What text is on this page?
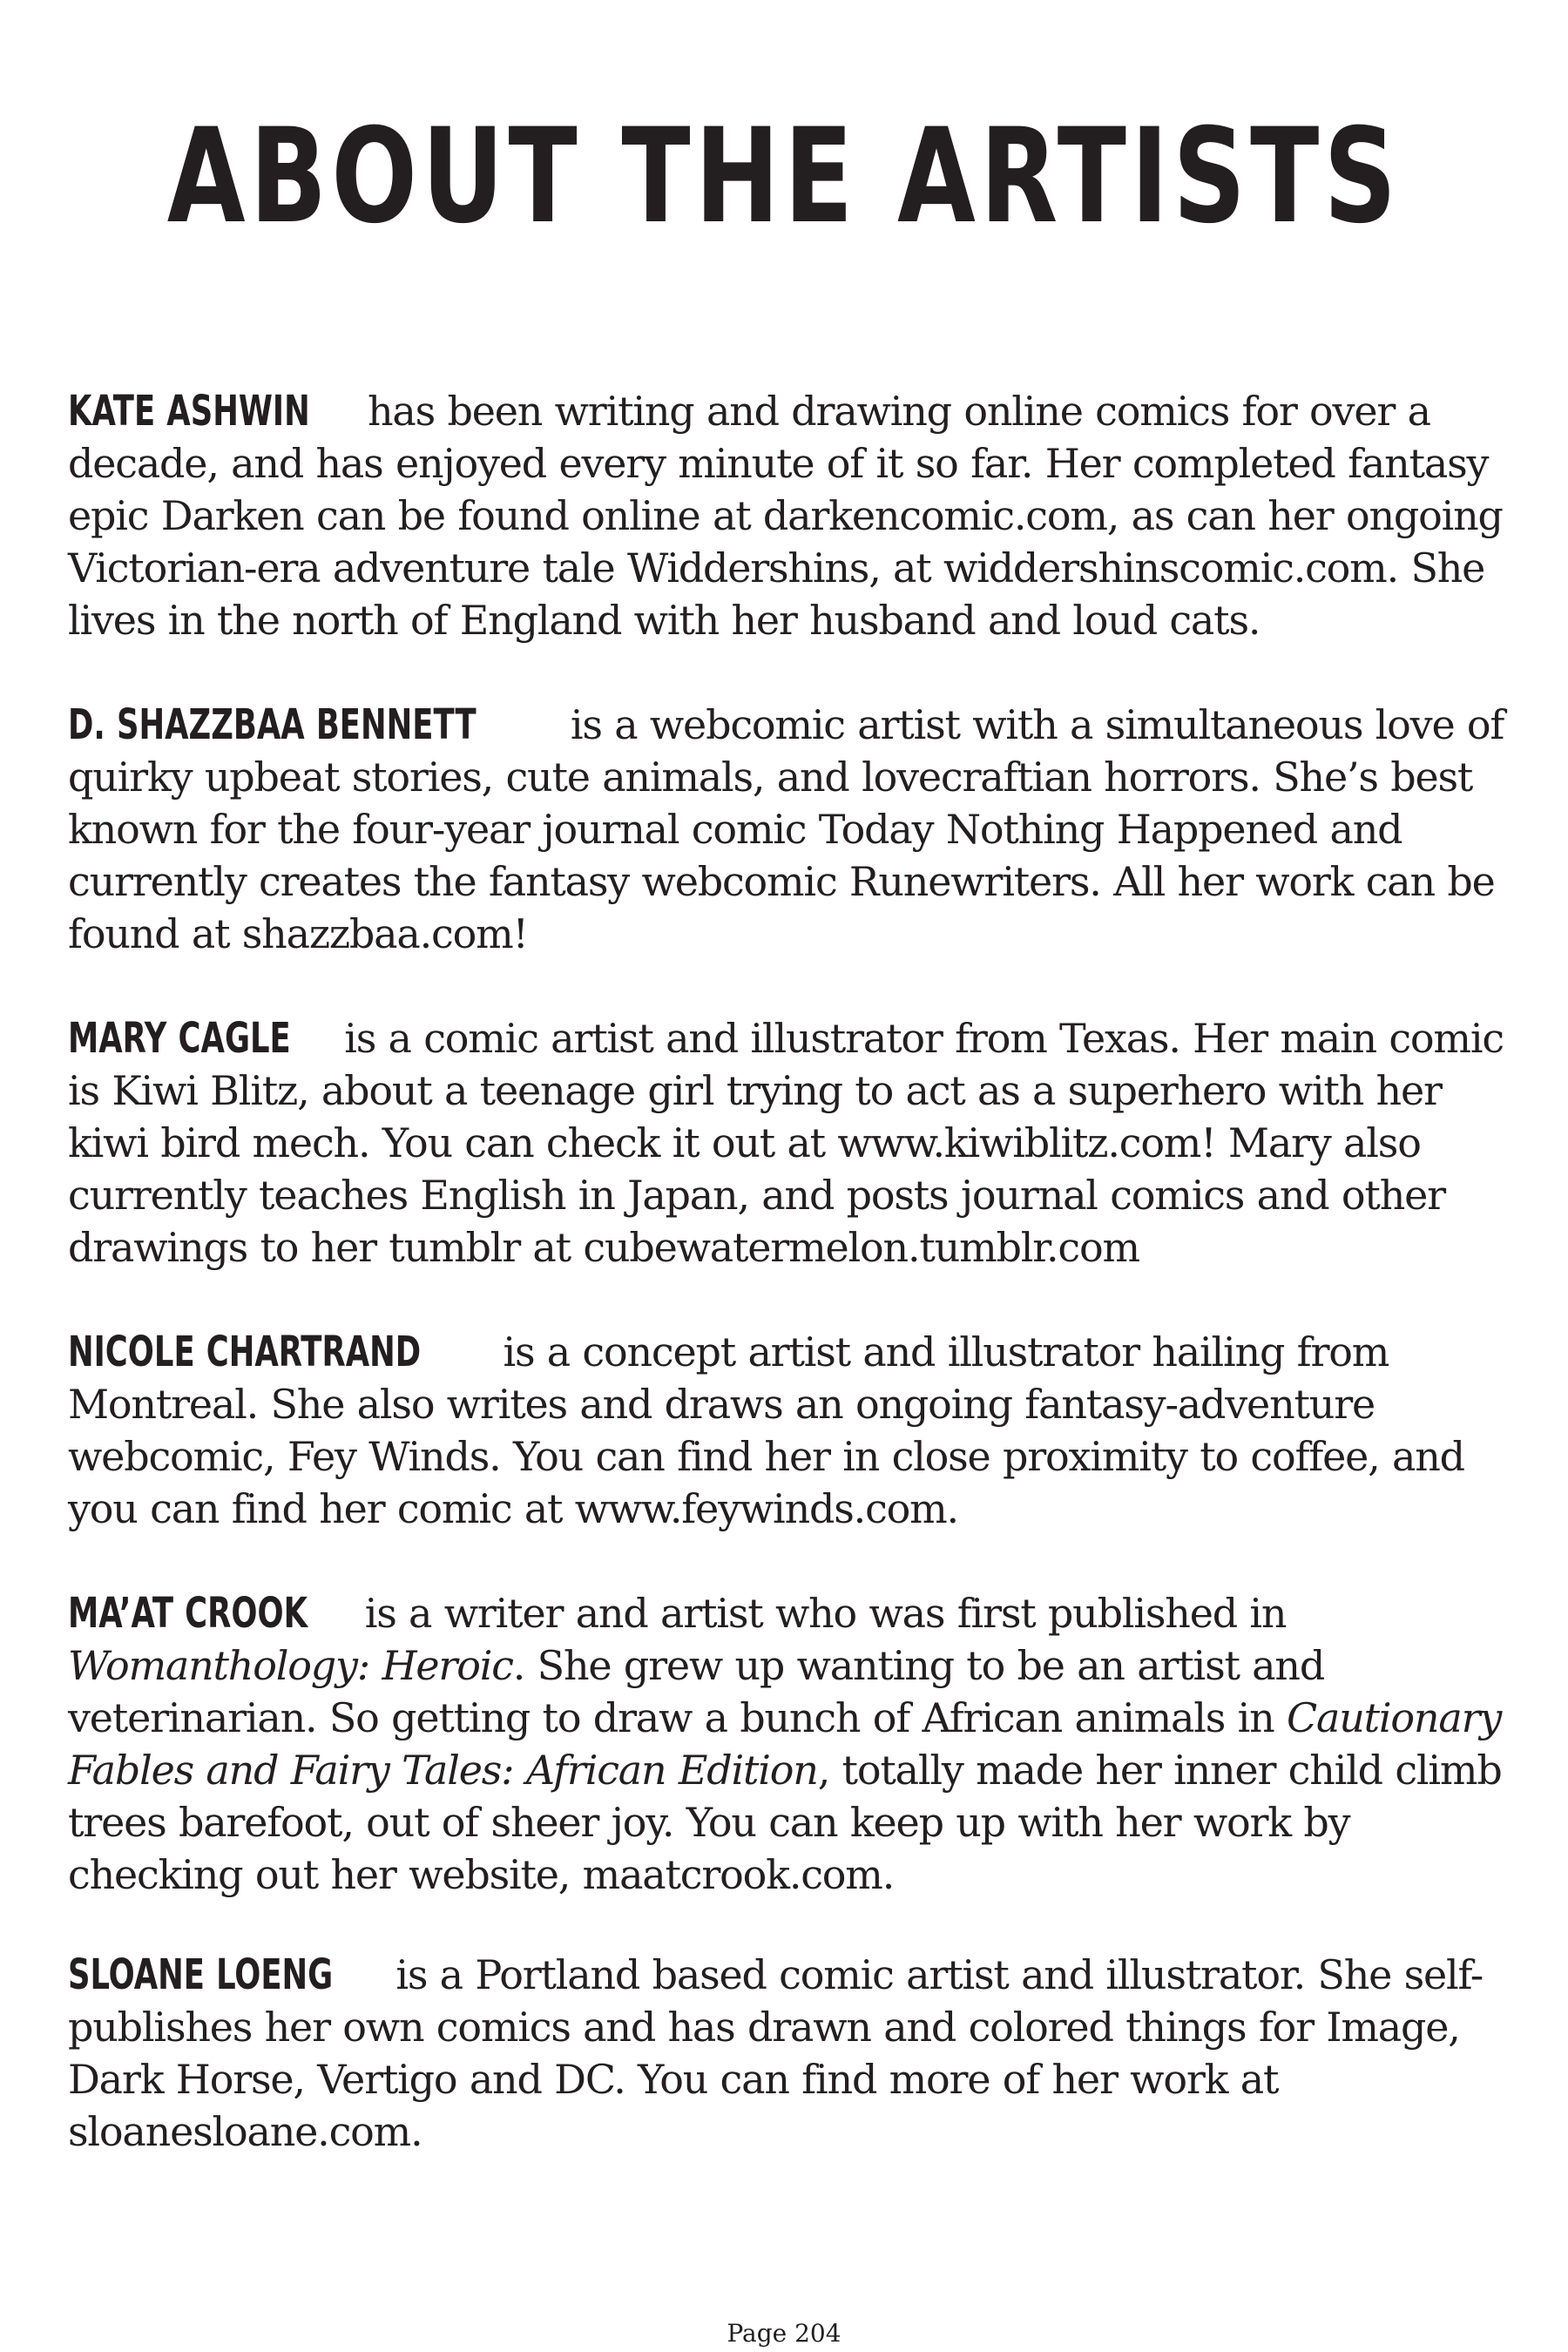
ABOUT THE ARTISTS

KATE ASHWIN has been writing and drawing online comics for over a decade, and has enjoyed every minute of it so far. Her completed fantasy epic Darken can be found online at darkencomic.com, as can her ongoing Victorian-era adventure tale Widdershins, at widdershinscomic.com. She lives in the north of England with her husband and loud cats.

D. SHAZZBAA BENNETT is a webcomic artist with a simultaneous love of quirky upbeat stories, cute animals, and lovecraftian horrors. She’s best known for the four-year journal comic Today Nothing Happened and currently creates the fantasy webcomic Runewriters. All her work can be found at shazzbaa.com!

MARY CAGLE is a comic artist and illustrator from Texas. Her main comic is Kiwi Blitz, about a teenage girl trying to act as a superhero with her kiwi bird mech. You can check it out at www.kiwiblitz.com! Mary also currently teaches English in Japan, and posts journal comics and other drawings to her tumblr at cubewatermelon.tumblr.com

NICOLE CHARTRAND is a concept artist and illustrator hailing from Montreal. She also writes and draws an ongoing fantasy-adventure webcomic, Fey Winds. You can find her in close proximity to coffee, and you can find her comic at www.feywinds.com.

MA’AT CROOK is a writer and artist who was first published in Womanthology: Heroic. She grew up wanting to be an artist and veterinarian. So getting to draw a bunch of African animals in Cautionary Fables and Fairy Tales: African Edition, totally made her inner child climb trees barefoot, out of sheer joy. You can keep up with her work by checking out her website, maatcrook.com.

SLOANE LOENG is a Portland based comic artist and illustrator. She self-publishes her own comics and has drawn and colored things for Image, Dark Horse, Vertigo and DC. You can find more of her work at sloanesloane.com.

Page 204
